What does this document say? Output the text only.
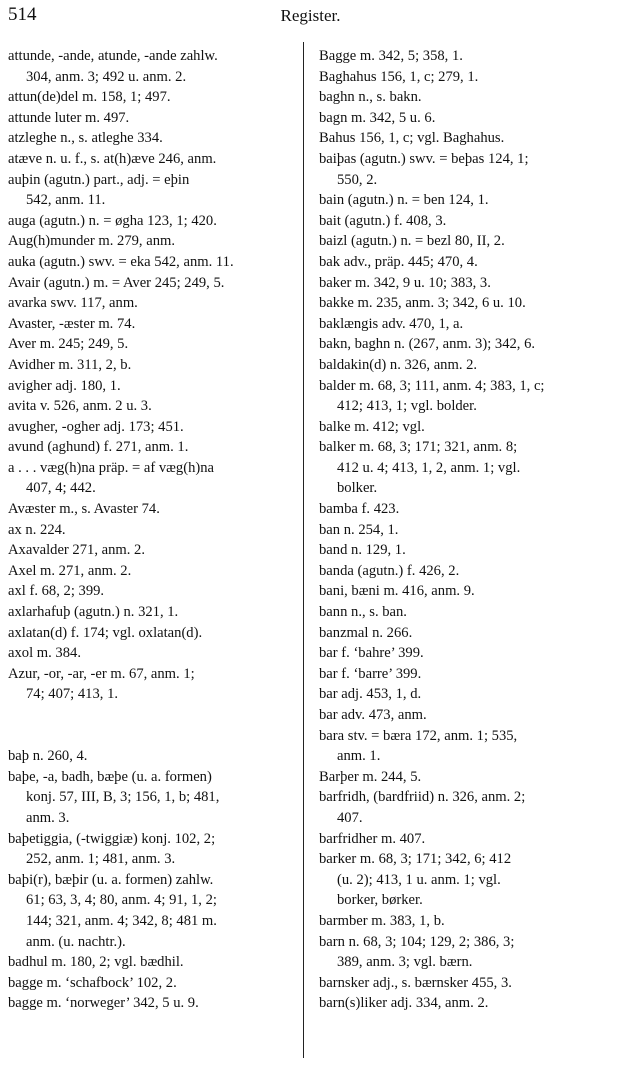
514	Register.
attunde, -ande, atunde, -ande zahlw.
304, anm. 3; 492 u. anm. 2.
attun(de)del m. 158, 1; 497.
attunde luter m. 497.
atzleghe n., s. atleghe 334.
atæve n. u. f., s. at(h)æve 246, anm.
auþin (agutn.) part., adj. = eþin
542, anm. 11.
auga (agutn.) n. = øgha 123, 1; 420.
Aug(h)munder m. 279, anm.
auka (agutn.) swv. = eka 542, anm. 11.
Avair (agutn.) m. = Aver 245; 249, 5.
avarka swv. 117, anm.
Avaster, -æster m. 74.
Aver m. 245; 249, 5.
Avidher m. 311, 2, b.
avigher adj. 180, 1.
avita v. 526, anm. 2 u. 3.
avugher, -ogher adj. 173; 451.
avund (aghund) f. 271, anm. 1.
a . . . væg(h)na präp. = af væg(h)na
407, 4; 442.
Avæster m., s. Avaster 74.
ax n. 224.
Axavalder 271, anm. 2.
Axel m. 271, anm. 2.
axl f. 68, 2; 399.
axlarhafuþ (agutn.) n. 321, 1.
axlatan(d) f. 174; vgl. oxlatan(d).
axol m. 384.
Azur, -or, -ar, -er m. 67, anm. 1;
74; 407; 413, 1.
baþ n. 260, 4.
baþe, -a, badh, bæþe (u. a. formen)
konj. 57, III, B, 3; 156, 1, b; 481,
anm. 3.
baþetiggia, (-twiggiæ) konj. 102, 2;
252, anm. 1; 481, anm. 3.
baþi(r), bæþir (u. a. formen) zahlw.
61; 63, 3, 4; 80, anm. 4; 91, 1, 2;
144; 321, anm. 4; 342, 8; 481 m.
anm. (u. nachtr.).
badhul m. 180, 2; vgl. bædhil.
bagge m. ‘schafbock’ 102, 2.
bagge m. ‘norweger’ 342, 5 u. 9.
Bagge m. 342, 5; 358, 1.
Baghahus 156, 1, c; 279, 1.
baghn n., s. bakn.
bagn m. 342, 5 u. 6.
Bahus 156, 1, c; vgl. Baghahus.
baiþas (agutn.) swv. = beþas 124, 1;
550, 2.
bain (agutn.) n. = ben 124, 1.
bait (agutn.) f. 408, 3.
baizl (agutn.) n. = bezl 80, II, 2.
bak adv., präp. 445; 470, 4.
baker m. 342, 9 u. 10; 383, 3.
bakke m. 235, anm. 3; 342, 6 u. 10.
baklængis adv. 470, 1, a.
bakn, baghn n. (267, anm. 3); 342, 6.
baldakin(d) n. 326, anm. 2.
balder m. 68, 3; 111, anm. 4; 383, 1, c;
412; 413, 1; vgl. bolder.
balke m. 412; vgl.
balker m. 68, 3; 171; 321, anm. 8;
412 u. 4; 413, 1, 2, anm. 1; vgl.
bolker.
bamba f. 423.
ban n. 254, 1.
band n. 129, 1.
banda (agutn.) f. 426, 2.
bani, bæni m. 416, anm. 9.
bann n., s. ban.
banzmal n. 266.
bar f. ‘bahre’ 399.
bar f. ‘barre’ 399.
bar adj. 453, 1, d.
bar adv. 473, anm.
bara stv. = bæra 172, anm. 1; 535,
anm. 1.
Barþer m. 244, 5.
barfridh, (bardfriid) n. 326, anm. 2;
407.
barfridher m. 407.
barker m. 68, 3; 171; 342, 6; 412
(u. 2); 413, 1 u. anm. 1; vgl.
borker, børker.
barmber m. 383, 1, b.
barn n. 68, 3; 104; 129, 2; 386, 3;
389, anm. 3; vgl. bærn.
barnsker adj., s. bærnsker 455, 3.
barn(s)liker adj. 334, anm. 2.
